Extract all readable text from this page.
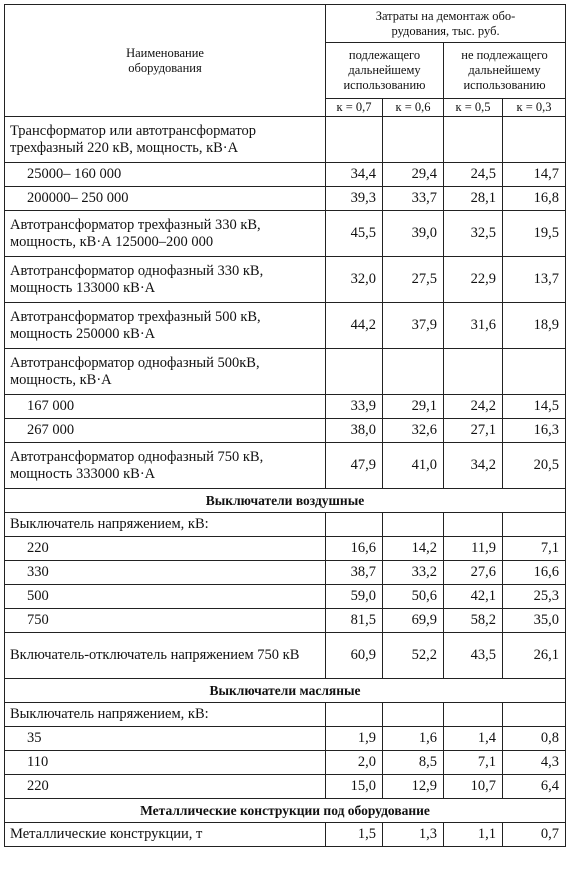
Наименование
оборудования	Затраты на демонтаж обо-
рудования, тыс. руб.			
	подлежащего
дальнейшему
использованию		не подлежащего
дальнейшему
использованию	
	к = 0,7	к = 0,6	к = 0,5	к = 0,3
Трансформатор или автотрансформатор трехфазный 220 кВ, мощность, кВ·А				
25000– 160 000	34,4	29,4	24,5	14,7
200000– 250 000	39,3	33,7	28,1	16,8
Автотрансформатор трехфазный 330 кВ, мощность, кВ·А 125000–200 000	45,5	39,0	32,5	19,5
Автотрансформатор однофазный 330 кВ, мощность 133000 кВ·А	32,0	27,5	22,9	13,7
Автотрансформатор трехфазный 500 кВ, мощность 250000 кВ·А	44,2	37,9	31,6	18,9
Автотрансформатор однофазный 500кВ, мощность, кВ·А				
167 000	33,9	29,1	24,2	14,5
267 000	38,0	32,6	27,1	16,3
Автотрансформатор однофазный 750 кВ, мощность 333000 кВ·А	47,9	41,0	34,2	20,5
Выключатели воздушные				
Выключатель напряжением, кВ:				
220	16,6	14,2	11,9	7,1
330	38,7	33,2	27,6	16,6
500	59,0	50,6	42,1	25,3
750	81,5	69,9	58,2	35,0
Включатель-отключатель напряжением 750 кВ	60,9	52,2	43,5	26,1
Выключатели масляные				
Выключатель напряжением, кВ:				
35	1,9	1,6	1,4	0,8
110	2,0	8,5	7,1	4,3
220	15,0	12,9	10,7	6,4
Металлические конструкции под оборудование				
Металлические конструкции, т	1,5	1,3	1,1	0,7
